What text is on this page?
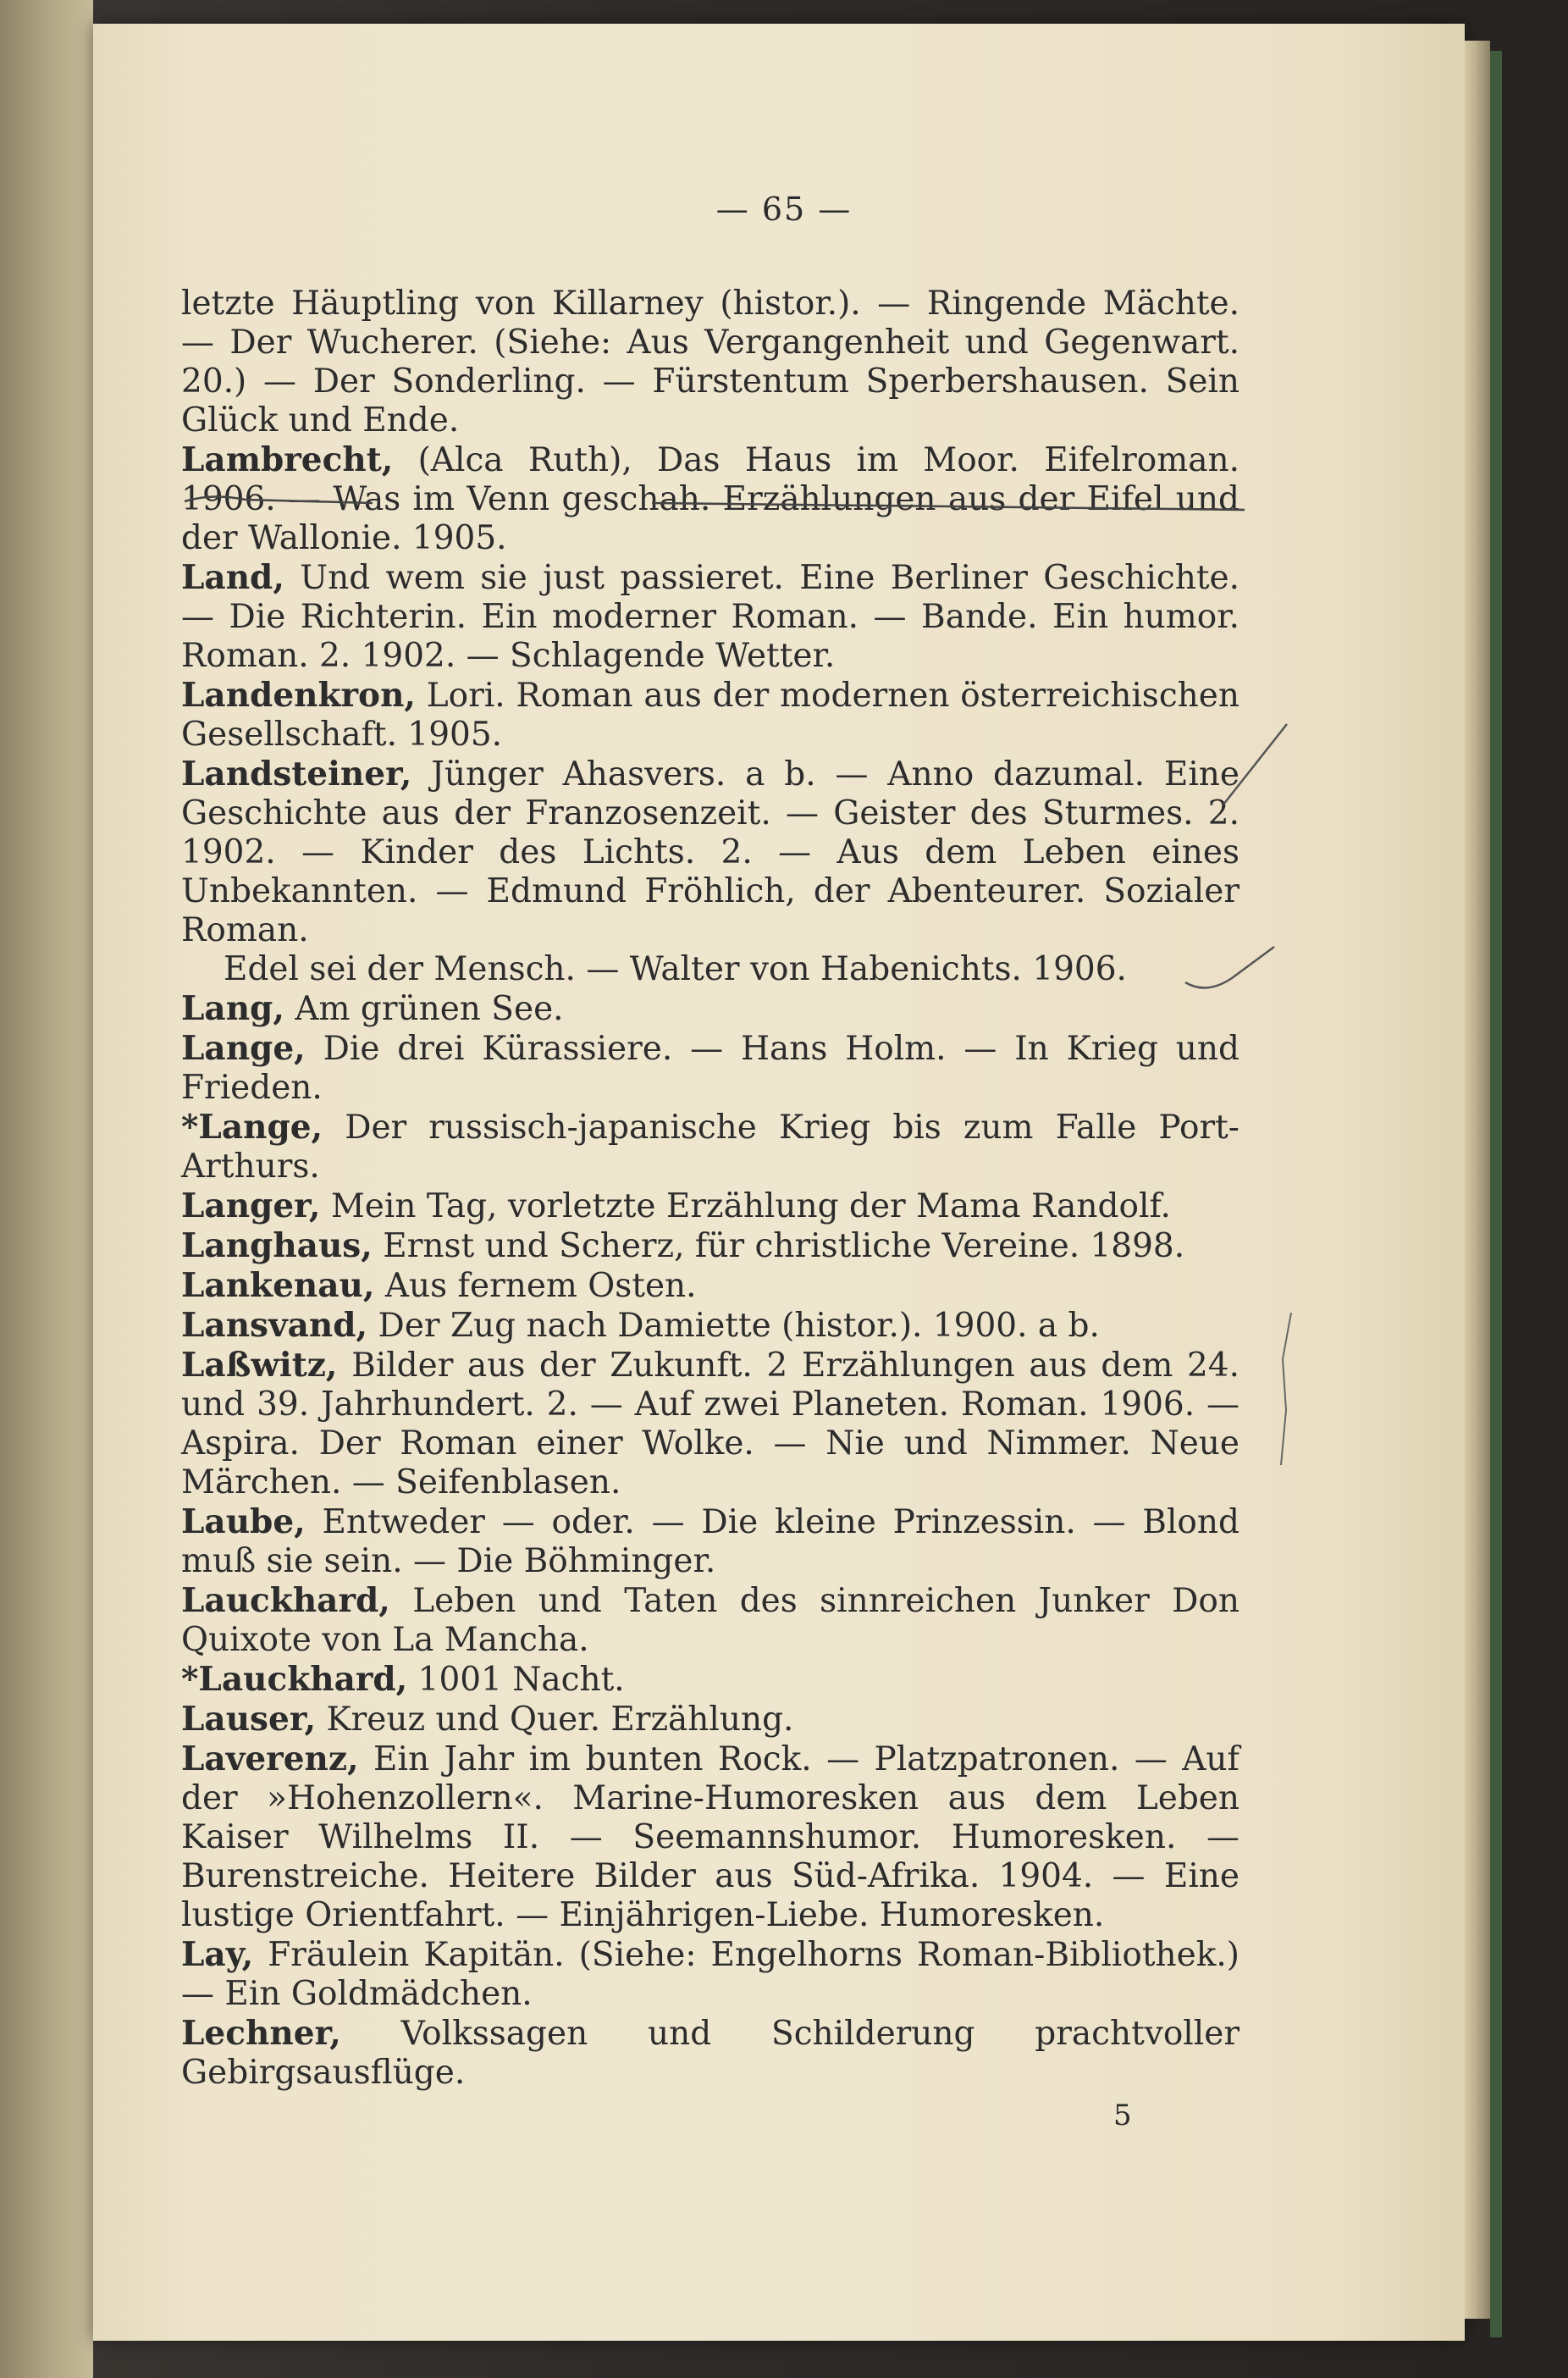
— 65 —

letzte Häuptling von Killarney (histor.). — Ringende Mächte. — Der Wucherer. (Siehe: Aus Vergangenheit und Gegenwart. 20.) — Der Sonderling. — Fürstentum Sperbershausen. Sein Glück und Ende.

Lambrecht, (Alca Ruth), Das Haus im Moor. Eifelroman. 1906. — Was im Venn geschah. Erzählungen aus der Eifel und der Wallonie. 1905.

Land, Und wem sie just passieret. Eine Berliner Geschichte. — Die Richterin. Ein moderner Roman. — Bande. Ein humor. Roman. 2. 1902. — Schlagende Wetter.

Landenkron, Lori. Roman aus der modernen österreichischen Gesellschaft. 1905.

Landsteiner, Jünger Ahasvers. a b. — Anno dazumal. Eine Geschichte aus der Franzosenzeit. — Geister des Sturmes. 2. 1902. — Kinder des Lichts. 2. — Aus dem Leben eines Unbekannten. — Edmund Fröhlich, der Abenteurer. Sozialer Roman.

Edel sei der Mensch. — Walter von Habenichts. 1906.

Lang, Am grünen See.

Lange, Die drei Kürassiere. — Hans Holm. — In Krieg und Frieden.

*Lange, Der russisch-japanische Krieg bis zum Falle Port-Arthurs.

Langer, Mein Tag, vorletzte Erzählung der Mama Randolf.

Langhaus, Ernst und Scherz, für christliche Vereine. 1898.

Lankenau, Aus fernem Osten.

Lansvand, Der Zug nach Damiette (histor.). 1900. a b.

Laßwitz, Bilder aus der Zukunft. 2 Erzählungen aus dem 24. und 39. Jahrhundert. 2. — Auf zwei Planeten. Roman. 1906. — Aspira. Der Roman einer Wolke. — Nie und Nimmer. Neue Märchen. — Seifenblasen.

Laube, Entweder — oder. — Die kleine Prinzessin. — Blond muß sie sein. — Die Böhminger.

Lauckhard, Leben und Taten des sinnreichen Junker Don Quixote von La Mancha.

*Lauckhard, 1001 Nacht.

Lauser, Kreuz und Quer. Erzählung.

Laverenz, Ein Jahr im bunten Rock. — Platzpatronen. — Auf der »Hohenzollern«. Marine-Humoresken aus dem Leben Kaiser Wilhelms II. — Seemannshumor. Humoresken. — Burenstreiche. Heitere Bilder aus Süd-Afrika. 1904. — Eine lustige Orientfahrt. — Einjährigen-Liebe. Humoresken.

Lay, Fräulein Kapitän. (Siehe: Engelhorns Roman-Bibliothek.) — Ein Goldmädchen.

Lechner, Volkssagen und Schilderung prachtvoller Gebirgsausflüge.

5
